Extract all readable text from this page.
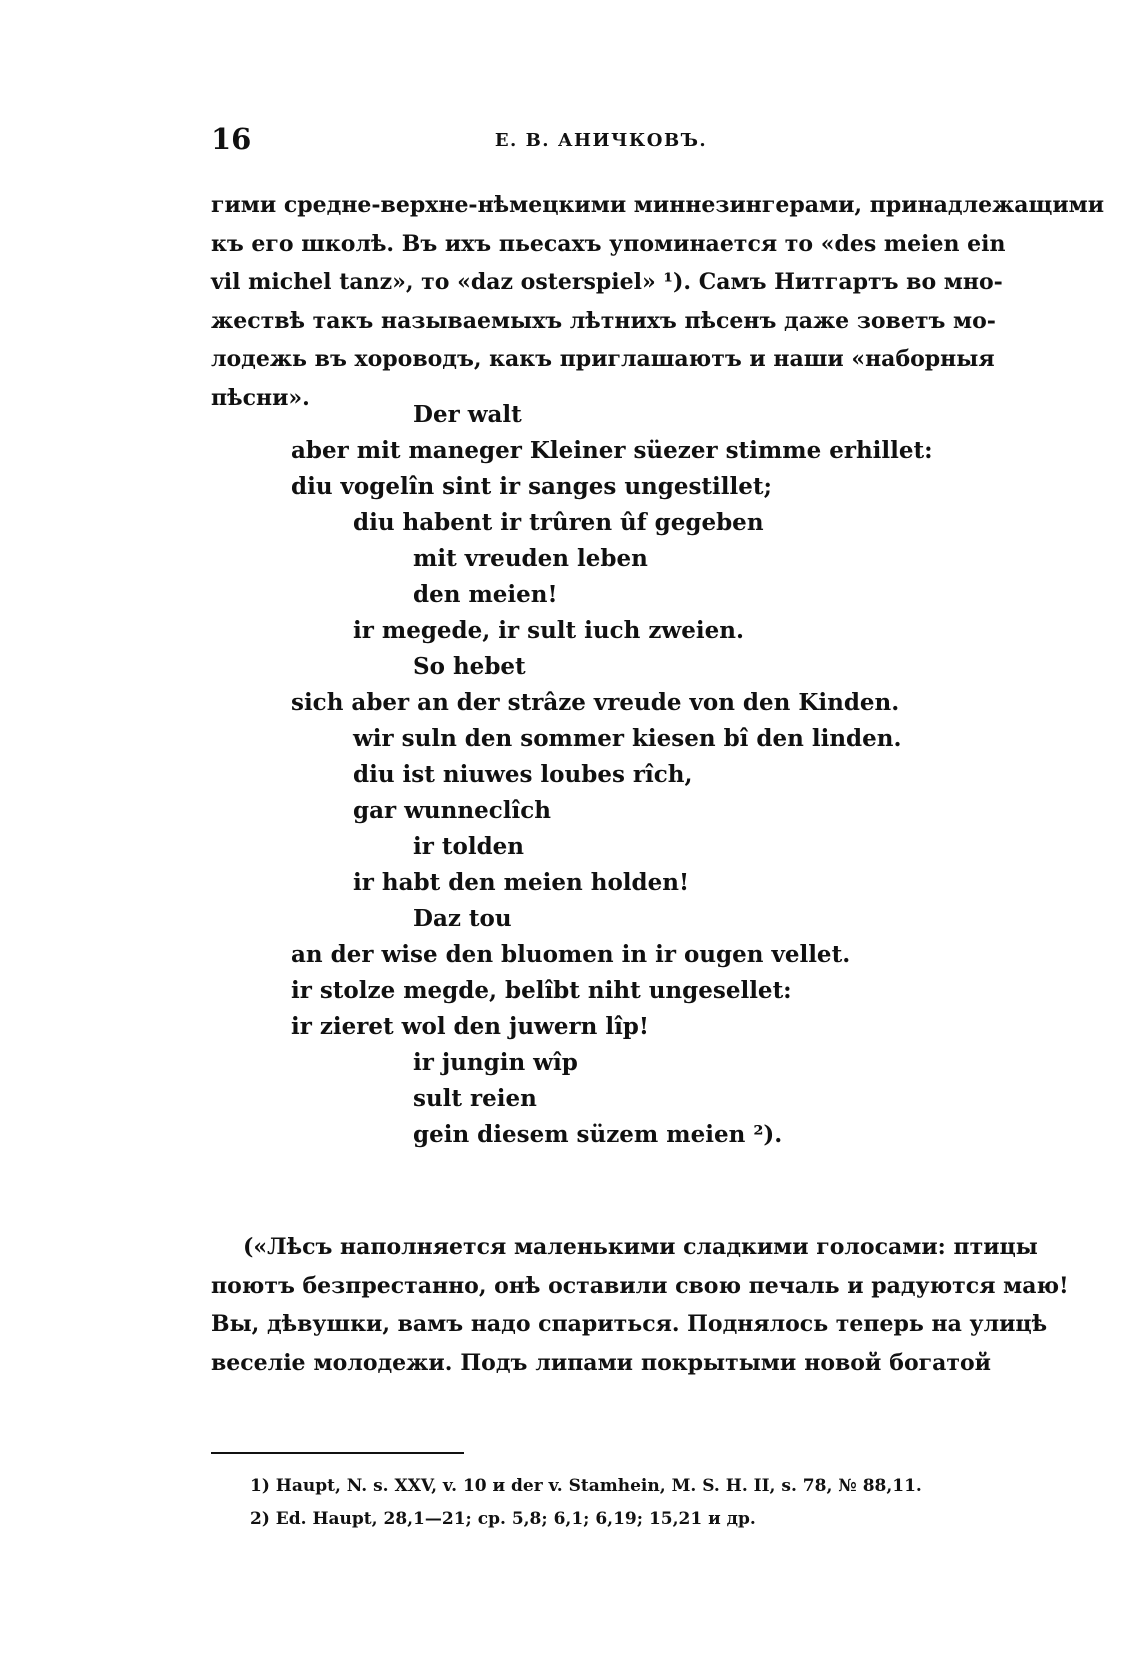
16	Е. В. АНИЧКОВЪ.
гими средне-верхне-нѣмецкими миннезингерами, принадлежащими
къ его школѣ. Въ ихъ пьесахъ упоминается то «des meien ein
vil michel tanz», то «daz osterspiel» ¹). Самъ Нитгартъ во мно-
жествѣ такъ называемыхъ лѣтнихъ пѣсенъ даже зоветъ мо-
лодежь въ хороводъ, какъ приглашаютъ и наши «наборныя
пѣсни».
Der walt
aber mit maneger Kleiner süezer stimme erhillet:
diu vogelîn sint ir sanges ungestillet;
diu habent ir trûren ûf gegeben
mit vreuden leben
den meien!
ir megede, ir sult iuch zweien.
So hebet
sich aber an der strâze vreude von den Kinden.
wir suln den sommer kiesen bî den linden.
diu ist niuwes loubes rîch,
gar wunneclîch
ir tolden
ir habt den meien holden!
Daz tou
an der wise den bluomen in ir ougen vellet.
ir stolze megde, belîbt niht ungesellet:
ir zieret wol den juwern lîp!
ir jungin wîp
sult reien
gein diesem süzem meien ²).
(«Лѣсъ наполняется маленькими сладкими голосами: птицы
поютъ безпрестанно, онѣ оставили свою печаль и радуются маю!
Вы, дѣвушки, вамъ надо спариться. Поднялось теперь на улицѣ
веселіе молодежи. Подъ липами покрытыми новой богатой
1) Haupt, N. s. XXV, v. 10 и der v. Stamhein, M. S. H. II, s. 78, № 88,11.
2) Ed. Haupt, 28,1—21; ср. 5,8; 6,1; 6,19; 15,21 и др.
